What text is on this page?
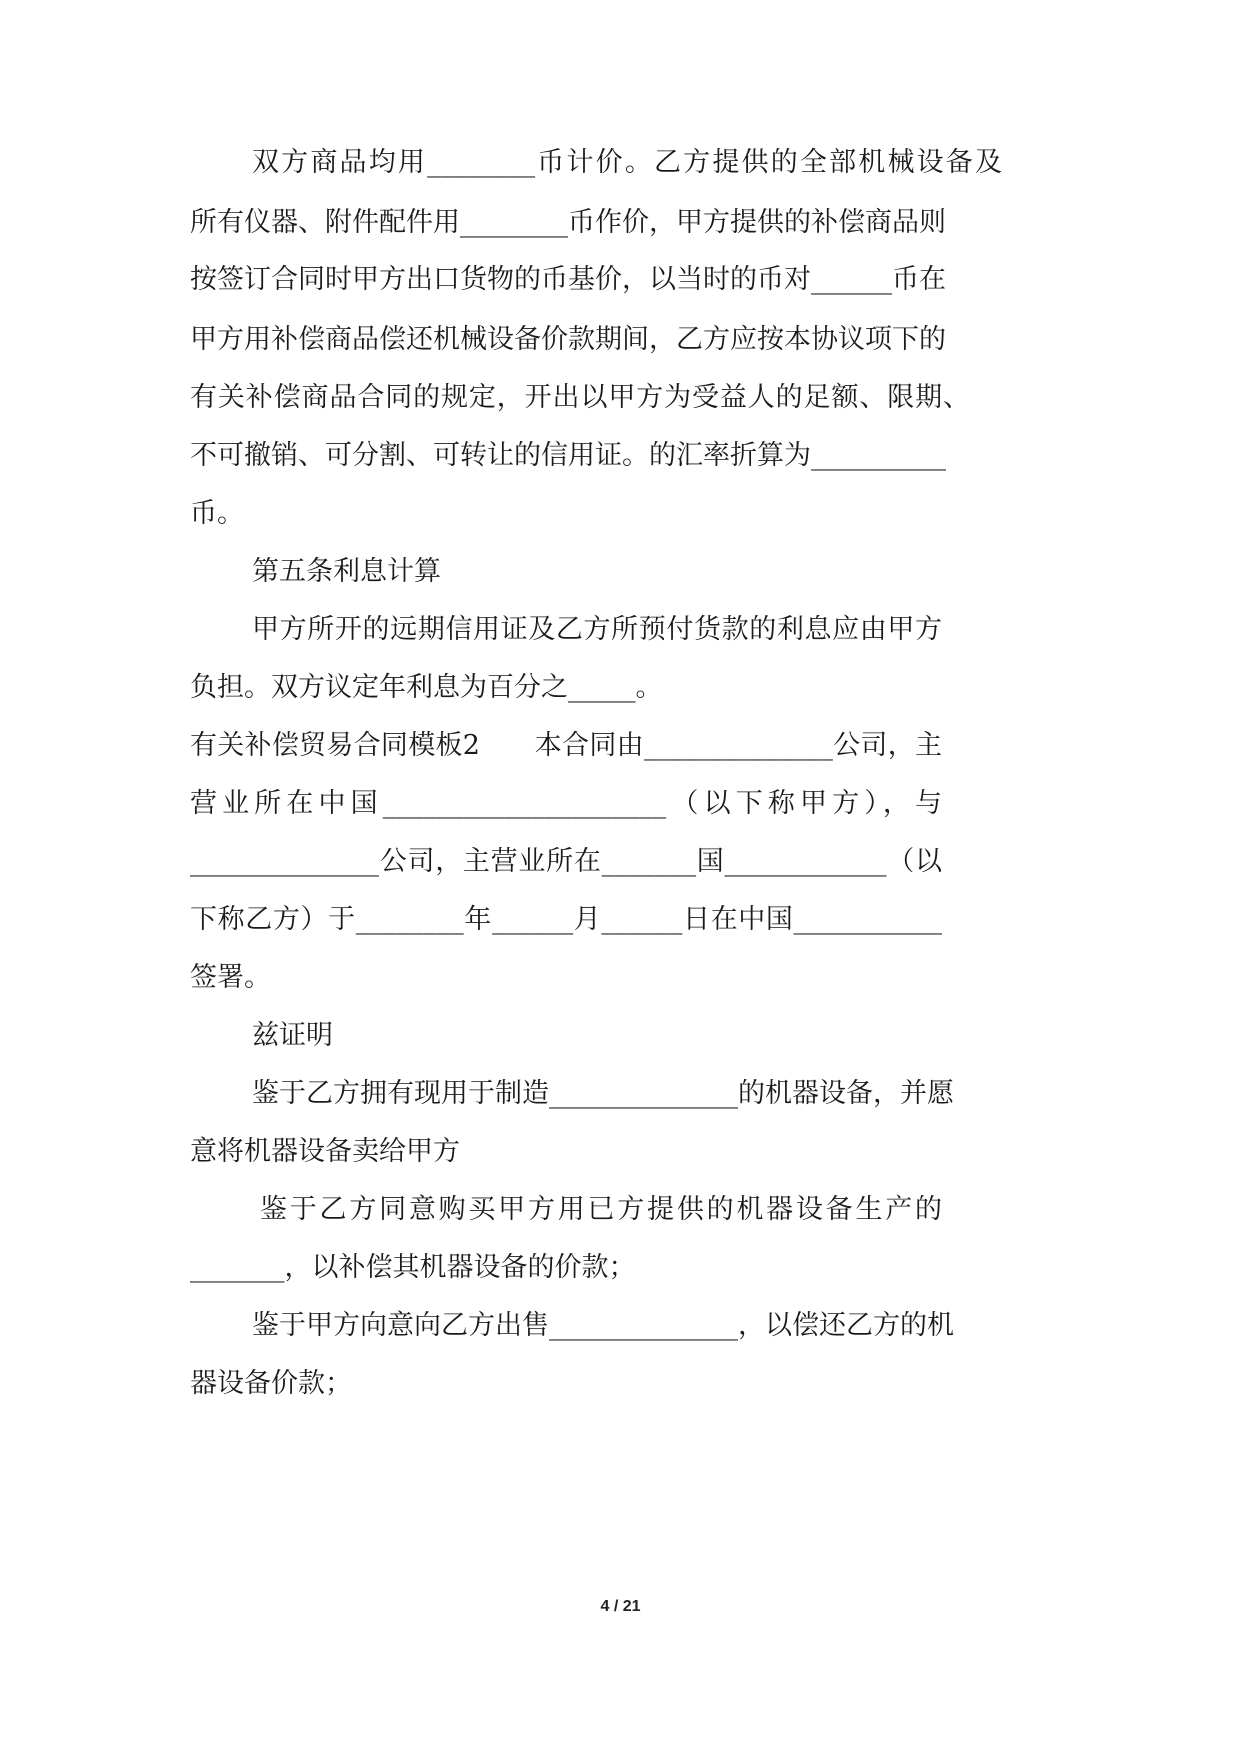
双方商品均用________币计价。乙方提供的全部机械设备及
所有仪器、附件配件用________币作价，甲方提供的补偿商品则
按签订合同时甲方出口货物的币基价，以当时的币对______币在
甲方用补偿商品偿还机械设备价款期间，乙方应按本协议项下的
有关补偿商品合同的规定，开出以甲方为受益人的足额、限期、
不可撤销、可分割、可转让的信用证。的汇率折算为__________
币。
第五条利息计算
甲方所开的远期信用证及乙方所预付货款的利息应由甲方
负担。双方议定年利息为百分之_____。
有关补偿贸易合同模板2　　本合同由______________公司，主
营业所在中国_____________________（以下称甲方），与
______________公司，主营业所在_______国____________（以
下称乙方）于________年______月______日在中国___________
签署。
兹证明
鉴于乙方拥有现用于制造______________的机器设备，并愿
意将机器设备卖给甲方
鉴于乙方同意购买甲方用已方提供的机器设备生产的
_______，以补偿其机器设备的价款；
鉴于甲方向意向乙方出售______________，以偿还乙方的机
器设备价款；
4 / 21
